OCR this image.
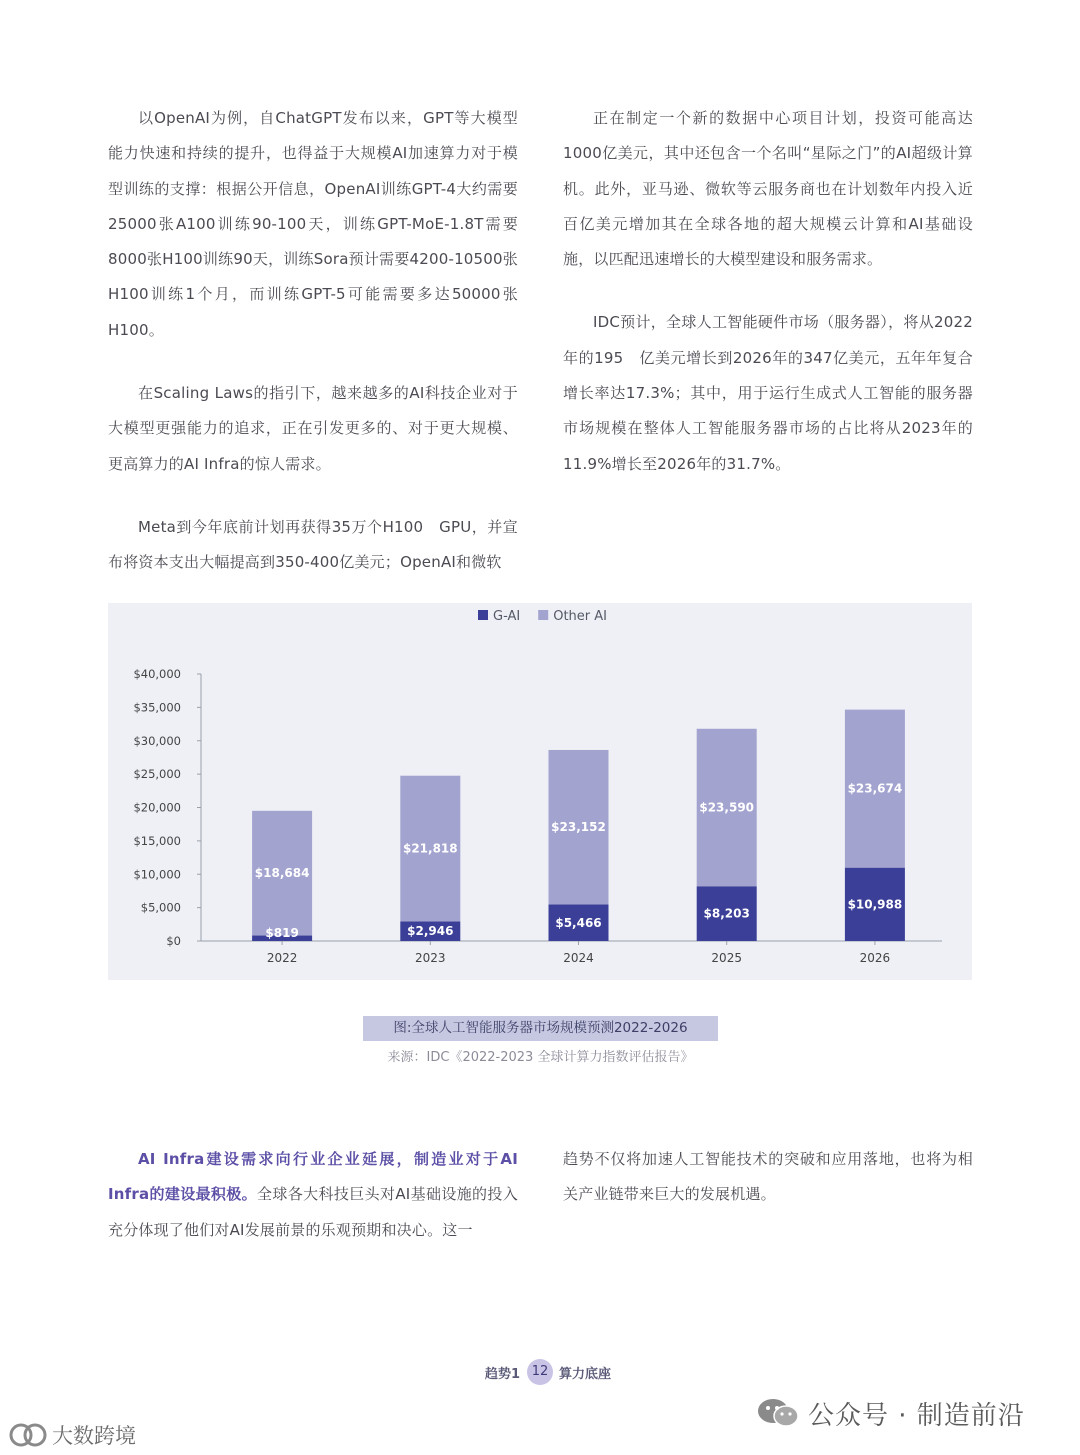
以OpenAI为例，自ChatGPT发布以来，GPT等大模型能力快速和持续的提升，也得益于大规模AI加速算力对于模型训练的支撑：根据公开信息，OpenAI训练GPT-4大约需要25000张A100训练90-100天，训练GPT-MoE-1.8T需要8000张H100训练90天，训练Sora预计需要4200-10500张H100训练1个月，而训练GPT-5可能需要多达50000张 H100。

在Scaling Laws的指引下，越来越多的AI科技企业对于大模型更强能力的追求，正在引发更多的、对于更大规模、更高算力的AI Infra的惊人需求。

Meta到今年底前计划再获得35万个H100　GPU，并宣布将资本支出大幅提高到350-400亿美元；OpenAI和微软

正在制定一个新的数据中心项目计划，投资可能高达　1000亿美元，其中还包含一个名叫“星际之门”的AI超级计算机。此外，亚马逊、微软等云服务商也在计划数年内投入近百亿美元增加其在全球各地的超大规模云计算和AI基础设施，以匹配迅速增长的大模型建设和服务需求。

IDC预计，全球人工智能硬件市场（服务器），将从2022年的195　亿美元增长到2026年的347亿美元，五年年复合增长率达17.3%；其中，用于运行生成式人工智能的服务器市场规模在整体人工智能服务器市场的占比将从2023年的11.9%增长至2026年的31.7%。

$0
$5,000
$10,000
$15,000
$20,000
$25,000
$30,000
$35,000
$40,000
$819
$18,684
2022
$2,946
$21,818
2023
$5,466
$23,152
2024
$8,203
$23,590
2025
$10,988
$23,674
2026
G-AI	Other AI
图:全球人工智能服务器市场规模预测2022-2026
来源：IDC《2022-2023 全球计算力指数评估报告》

AI Infra建设需求向行业企业延展，制造业对于AI Infra的建设最积极。全球各大科技巨头对AI基础设施的投入充分体现了他们对AI发展前景的乐观预期和决心。这一

趋势不仅将加速人工智能技术的突破和应用落地，也将为相关产业链带来巨大的发展机遇。

趋势1 12 算力底座
公众号 · 制造前沿
大数跨境
